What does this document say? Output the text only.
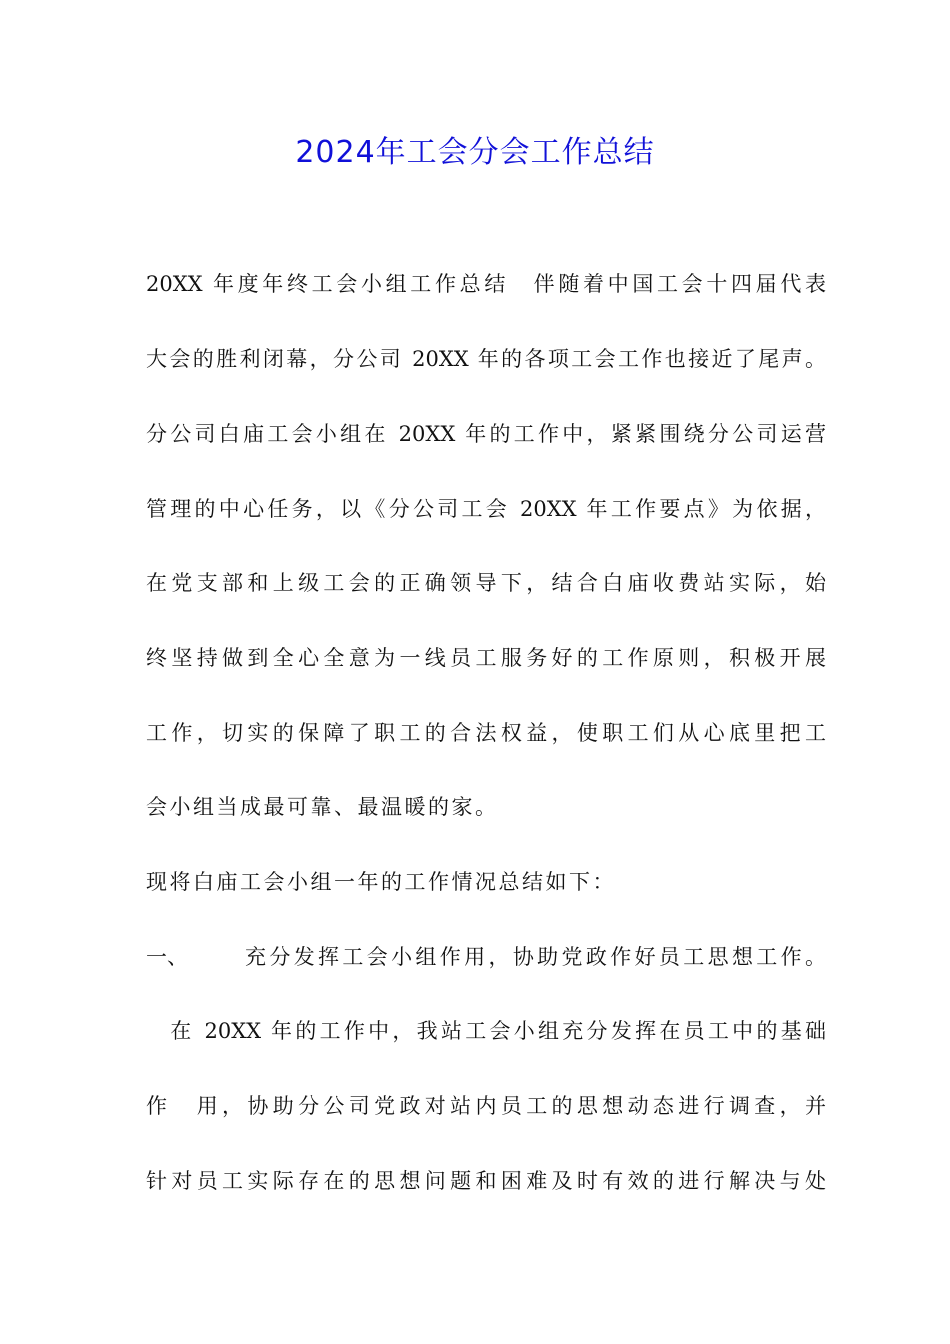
2024年工会分会工作总结
20XX 年度年终工会小组工作总结　伴随着中国工会十四届代表
大会的胜利闭幕，分公司 20XX 年的各项工会工作也接近了尾声。
分公司白庙工会小组在 20XX 年的工作中，紧紧围绕分公司运营
管理的中心任务，以《分公司工会 20XX 年工作要点》为依据，
在党支部和上级工会的正确领导下，结合白庙收费站实际，始
终坚持做到全心全意为一线员工服务好的工作原则，积极开展
工作，切实的保障了职工的合法权益，使职工们从心底里把工
会小组当成最可靠、最温暖的家。
现将白庙工会小组一年的工作情况总结如下：
一、	充分发挥工会小组作用，协助党政作好员工思想工作。
　在 20XX 年的工作中，我站工会小组充分发挥在员工中的基础
作　用，协助分公司党政对站内员工的思想动态进行调查，并
针对员工实际存在的思想问题和困难及时有效的进行解决与处
